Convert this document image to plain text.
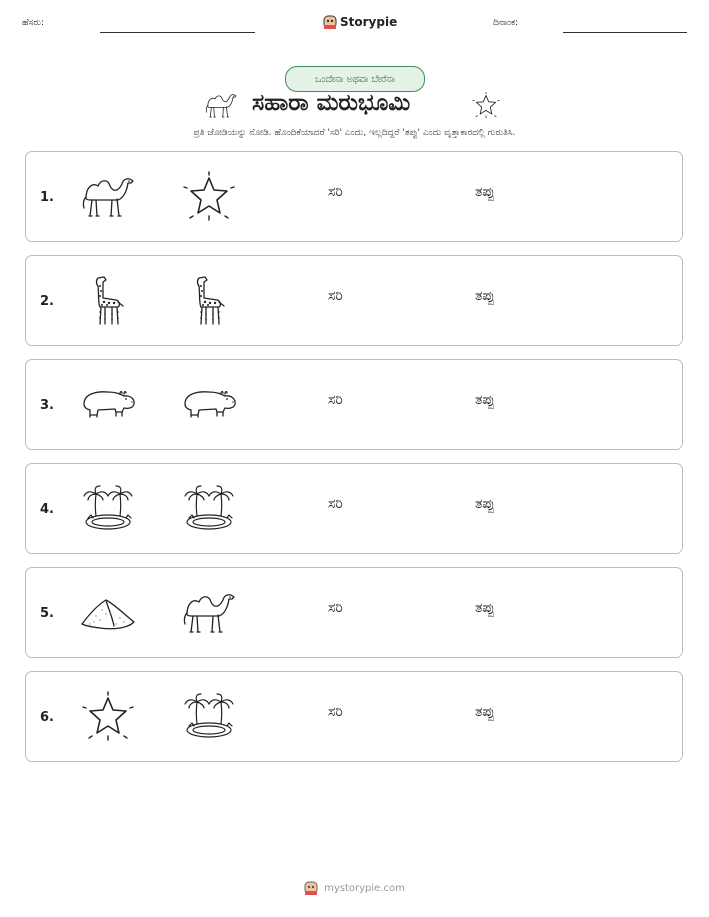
ಹೆಸರು:	Storypie	ದಿನಾಂಕ:
ಒಂದೇನಾ ಅಥವಾ ಬೇರೆನಾ
ಸಹಾರಾ ಮರುಭೂಮಿ
ಪ್ರತಿ ಜೋಡಿಯನ್ನು ನೋಡಿ. ಹೊಂದಿಕೆಯಾದರೆ 'ಸರಿ' ಎಂದು, ಇಲ್ಲದಿದ್ದರೆ 'ತಪ್ಪು' ಎಂದು ವೃತ್ತಾಕಾರದಲ್ಲಿ ಗುರುತಿಸಿ.
1.	ಸರಿ	ತಪ್ಪು
2.	ಸರಿ	ತಪ್ಪು
3.	ಸರಿ	ತಪ್ಪು
4.	ಸರಿ	ತಪ್ಪು
5.	ಸರಿ	ತಪ್ಪು
6.	ಸರಿ	ತಪ್ಪು
mystorypie.com
